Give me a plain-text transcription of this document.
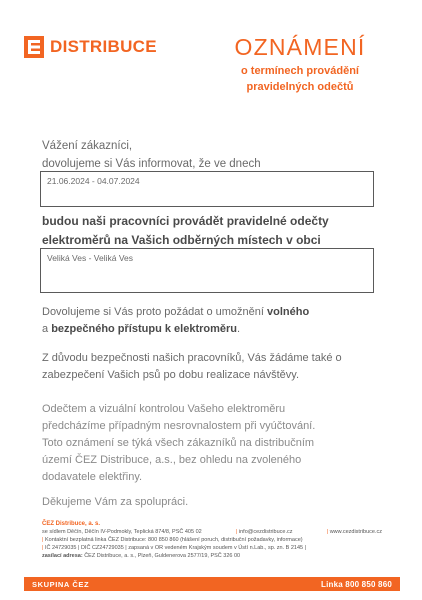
DISTRIBUCE	OZNÁMENÍ
o termínech provádění
pravidelných odečtů
Vážení zákazníci,
dovolujeme si Vás informovat, že ve dnech
21.06.2024 - 04.07.2024
budou naši pracovníci provádět pravidelné odečty
elektroměrů na Vašich odběrných místech v obci
Veliká Ves - Veliká Ves
Dovolujeme si Vás proto požádat o umožnění volného
a bezpečného přístupu k elektroměru.
Z důvodu bezpečnosti našich pracovníků, Vás žádáme také o
zabezpečení Vašich psů po dobu realizace návštěvy.
Odečtem a vizuální kontrolou Vašeho elektroměru
předcházíme případným nesrovnalostem při vyúčtování.
Toto oznámení se týká všech zákazníků na distribučním
území ČEZ Distribuce, a.s., bez ohledu na zvoleného
dodavatele elektřiny.
Děkujeme Vám za spolupráci.
ČEZ Distribuce, a. s.
se sídlem Děčín, Děčín IV-Podmokly, Teplická 874/8, PSČ 405 02	| info@cezdistribuce.cz	| www.cezdistribuce.cz
| Kontaktní bezplatná linka ČEZ Distribuce: 800 850 860 (hlášení poruch, distribuční požadavky, informace)
| IČ 24729035 | DIČ CZ24729035 | zapsaná v OR vedeném Krajským soudem v Ústí n.Lab., sp. zn. B 2145 |
zasílací adresa: ČEZ Distribuce, a. s., Plzeň, Guldenerova 2577/19, PSČ 326 00
SKUPINA ČEZ	Linka 800 850 860
